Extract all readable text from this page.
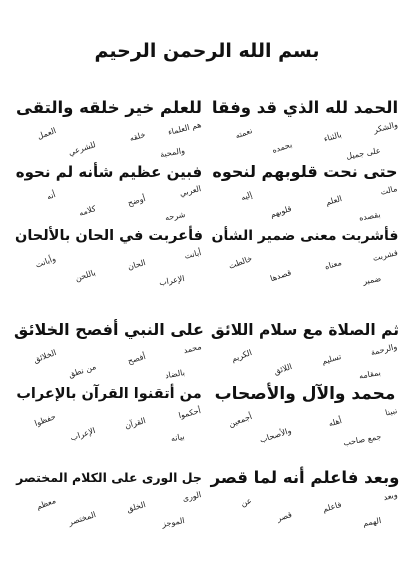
بسم الله الرحمن الرحيم
الحمد لله الذي قد وفقا
والشكر
بالثناء
بحمده	على جميل
نعمته
للعلم خير خلقه والتقى
هم العلماء
خلقه
للشرعي	والمحبة
العمل
حتى نحت قلوبهم لنحوه
مالت
العلم
قلوبهم	بقصده
إليه
فبين عظيم شأنه لم نحوه
العربي
أوضح
كلامه	شرحه
أنه
فأشربت معنى ضمير الشأن
فشربت
معناه
قصدها	ضمير
خالطت
فأعربت في الحان بالألحان
أبانت
الحان
باللحن	الإعراب
وأبانت
ثم الصلاة مع سلام اللائق
والرحمة
تسليم
اللائق	بمقامه
الكريم
على النبي أفصح الخلائق
محمد
أفصح
من نطق	بالضاد
الخلائق
محمد والآل والأصحاب
نبينا
أهله
والأصحاب	جمع صاحب
أجمعين
من أتقنوا القرآن بالإعراب
أحكموا
القرآن
الإعراب	بيانه
حفظوا
وبعد فاعلم أنه لما قصر
وبعد
فاعلم
قصر	الهمم
عن
جل الورى على الكلام المختصر
الورى
الخلق
المختصر	الموجز
معظم
